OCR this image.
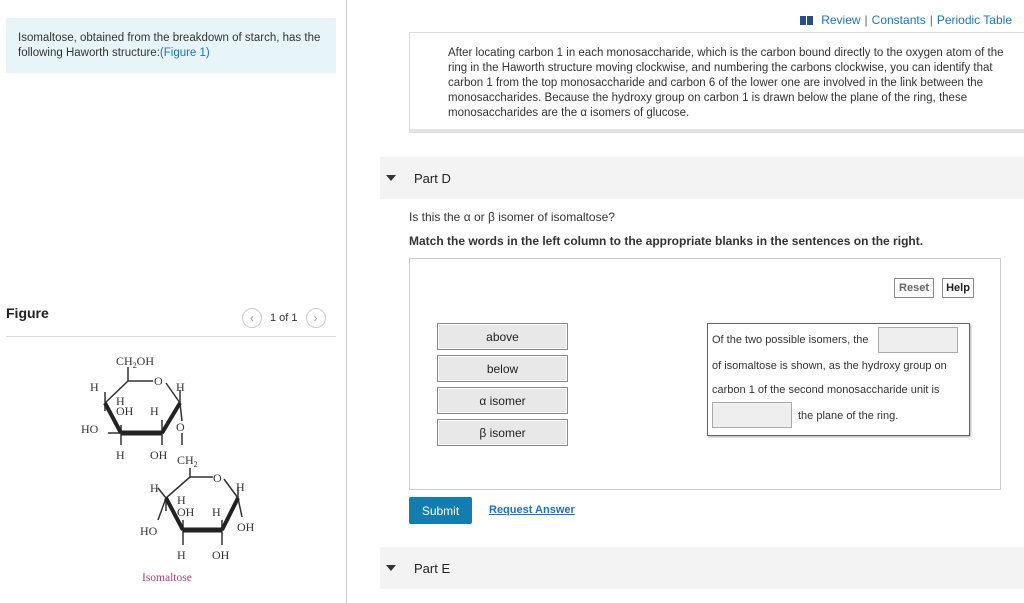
Isomaltose, obtained from the breakdown of starch, has the following Haworth structure:(Figure 1)
Figure	‹ 1 of 1 ›
$CH_2OH$
O H
H
H
OH H
HO	O
H OH $CH_2$
O
H
H
H
OH H
HO	OH
H OH
Isomaltose
Review | Constants | Periodic Table
After locating carbon 1 in each monosaccharide, which is the carbon bound directly to the oxygen atom of the ring in the Haworth structure moving clockwise, and numbering the carbons clockwise, you can identify that carbon 1 from the top monosaccharide and carbon 6 of the lower one are involved in the link between the monosaccharides. Because the hydroxy group on carbon 1 is drawn below the plane of the ring, these monosaccharides are the α isomers of glucose.
Part D
Is this the α or β isomer of isomaltose?
Match the words in the left column to the appropriate blanks in the sentences on the right.
Reset	Help
above
below
α isomer
β isomer
Of the two possible isomers, the
of isomaltose is shown, as the hydroxy group on
carbon 1 of the second monosaccharide unit is
the plane of the ring.
Submit	Request Answer
Part E
